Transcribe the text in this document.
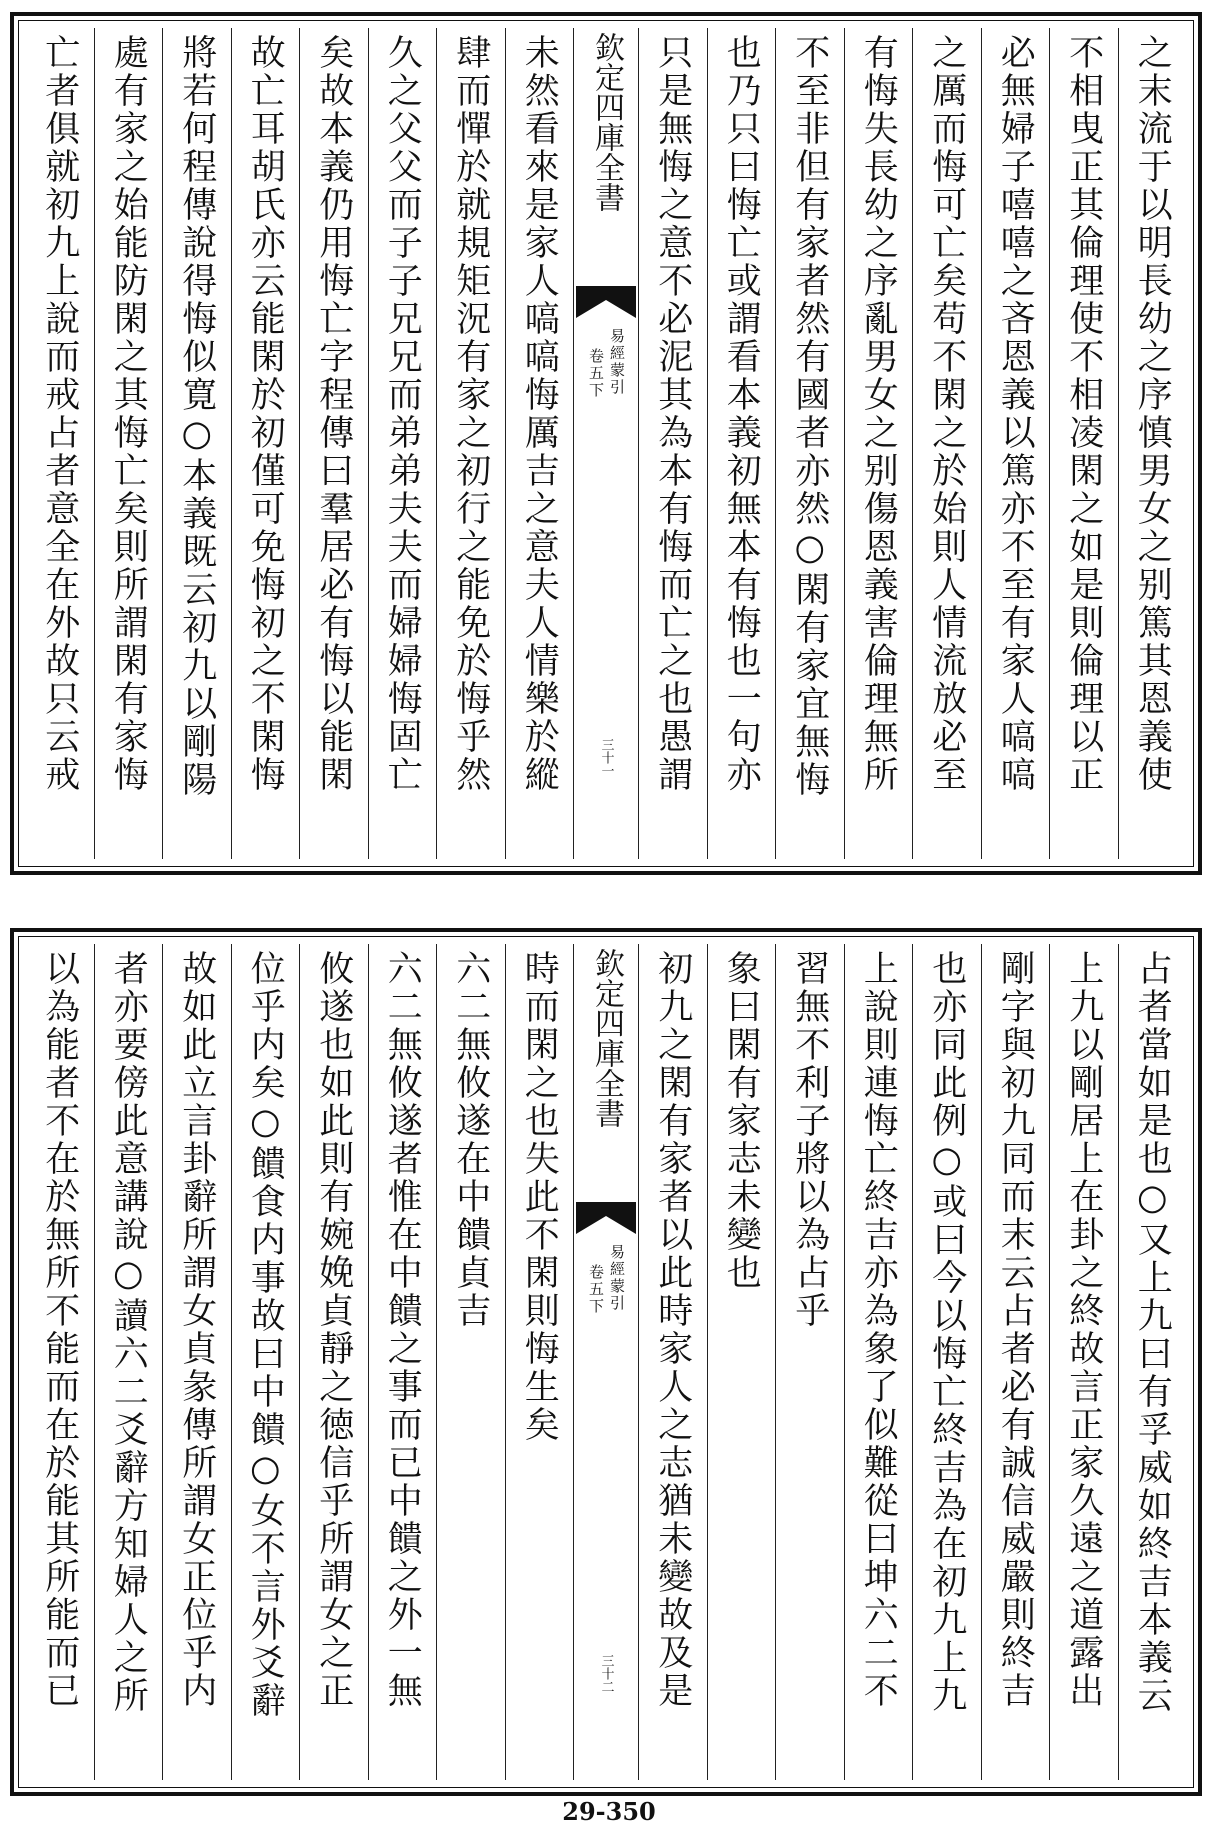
之末流于以明長幼之序慎男女之别篤其恩義使
不相曳正其倫理使不相凌閑之如是則倫理以正
必無婦子嘻嘻之吝恩義以篤亦不至有家人嗃嗃
之厲而悔可亡矣苟不閑之於始則人情流放必至
有悔失長幼之序亂男女之别傷恩義害倫理無所
不至非但有家者然有國者亦然○閑有家宜無悔
也乃只曰悔亡或謂看本義初無本有悔也一句亦
只是無悔之意不必泥其為本有悔而亡之也愚謂
欽定四庫全書
易經蒙引
卷五下
三十一
未然看來是家人嗃嗃悔厲吉之意夫人情樂於縱
肆而憚於就規矩況有家之初行之能免於悔乎然
久之父父而子子兄兄而弟弟夫夫而婦婦悔固亡
矣故本義仍用悔亡字程傳曰羣居必有悔以能閑
故亡耳胡氏亦云能閑於初僅可免悔初之不閑悔
將若何程傳說得悔似寛○本義既云初九以剛陽
處有家之始能防閑之其悔亡矣則所謂閑有家悔
亡者俱就初九上說而戒占者意全在外故只云戒
占者當如是也○又上九曰有孚威如終吉本義云
上九以剛居上在卦之終故言正家久遠之道露出
剛字與初九同而末云占者必有誠信威嚴則終吉
也亦同此例○或曰今以悔亡終吉為在初九上九
上說則連悔亡終吉亦為象了似難從曰坤六二不
習無不利子將以為占乎
象曰閑有家志未變也
初九之閑有家者以此時家人之志猶未變故及是
欽定四庫全書
易經蒙引
卷五下
三十二
時而閑之也失此不閑則悔生矣
六二無攸遂在中饋貞吉
六二無攸遂者惟在中饋之事而已中饋之外一無
攸遂也如此則有婉娩貞靜之徳信乎所謂女之正
位乎内矣○饋食内事故曰中饋○女不言外爻辭
故如此立言卦辭所謂女貞彖傳所謂女正位乎内
者亦要傍此意講說○讀六二爻辭方知婦人之所
以為能者不在於無所不能而在於能其所能而已
29-350
